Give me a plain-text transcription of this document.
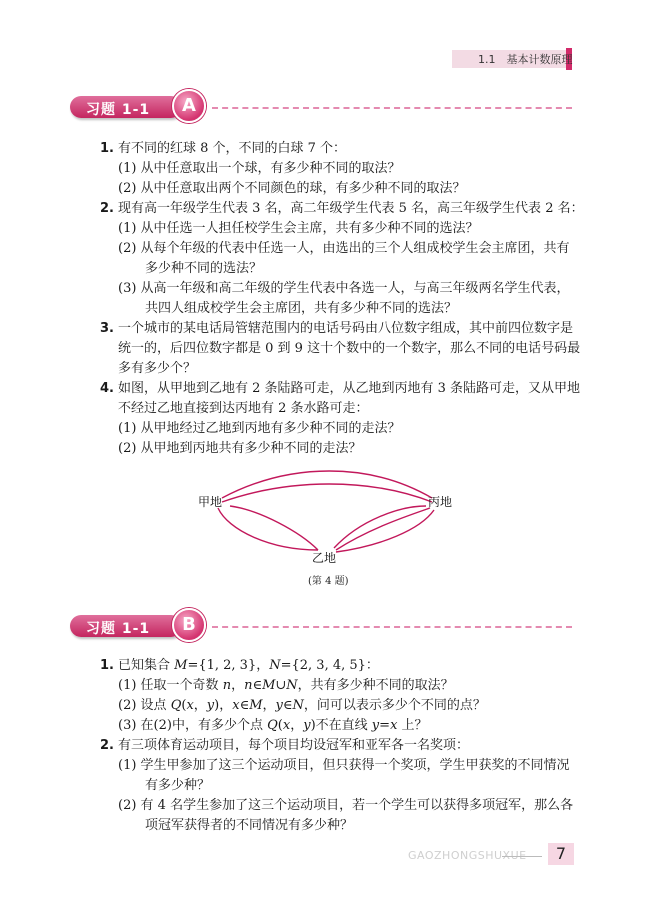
1.1　基本计数原理
习题 1-1	A
1. 有不同的红球 8 个，不同的白球 7 个：
(1) 从中任意取出一个球，有多少种不同的取法？
(2) 从中任意取出两个不同颜色的球，有多少种不同的取法？
2. 现有高一年级学生代表 3 名，高二年级学生代表 5 名，高三年级学生代表 2 名：
(1) 从中任选一人担任校学生会主席，共有多少种不同的选法？
(2) 从每个年级的代表中任选一人，由选出的三个人组成校学生会主席团，共有
多少种不同的选法？
(3) 从高一年级和高二年级的学生代表中各选一人，与高三年级两名学生代表，
共四人组成校学生会主席团，共有多少种不同的选法？
3. 一个城市的某电话局管辖范围内的电话号码由八位数字组成，其中前四位数字是
统一的，后四位数字都是 0 到 9 这十个数中的一个数字，那么不同的电话号码最
多有多少个？
4. 如图，从甲地到乙地有 2 条陆路可走，从乙地到丙地有 3 条陆路可走，又从甲地
不经过乙地直接到达丙地有 2 条水路可走：
(1) 从甲地经过乙地到丙地有多少种不同的走法？
(2) 从甲地到丙地共有多少种不同的走法？
甲地	丙地
乙地
(第 4 题)
习题 1-1	B
1. 已知集合 M={1, 2, 3}，N={2, 3, 4, 5}：
(1) 任取一个奇数 n，n∈M∪N，共有多少种不同的取法？
(2) 设点 Q(x，y)，x∈M，y∈N，问可以表示多少个不同的点？
(3) 在(2)中，有多少个点 Q(x，y)不在直线 y=x 上？
2. 有三项体育运动项目，每个项目均设冠军和亚军各一名奖项：
(1) 学生甲参加了这三个运动项目，但只获得一个奖项，学生甲获奖的不同情况
有多少种？
(2) 有 4 名学生参加了这三个运动项目，若一个学生可以获得多项冠军，那么各
项冠军获得者的不同情况有多少种？
GAOZHONGSHUXUE	7
